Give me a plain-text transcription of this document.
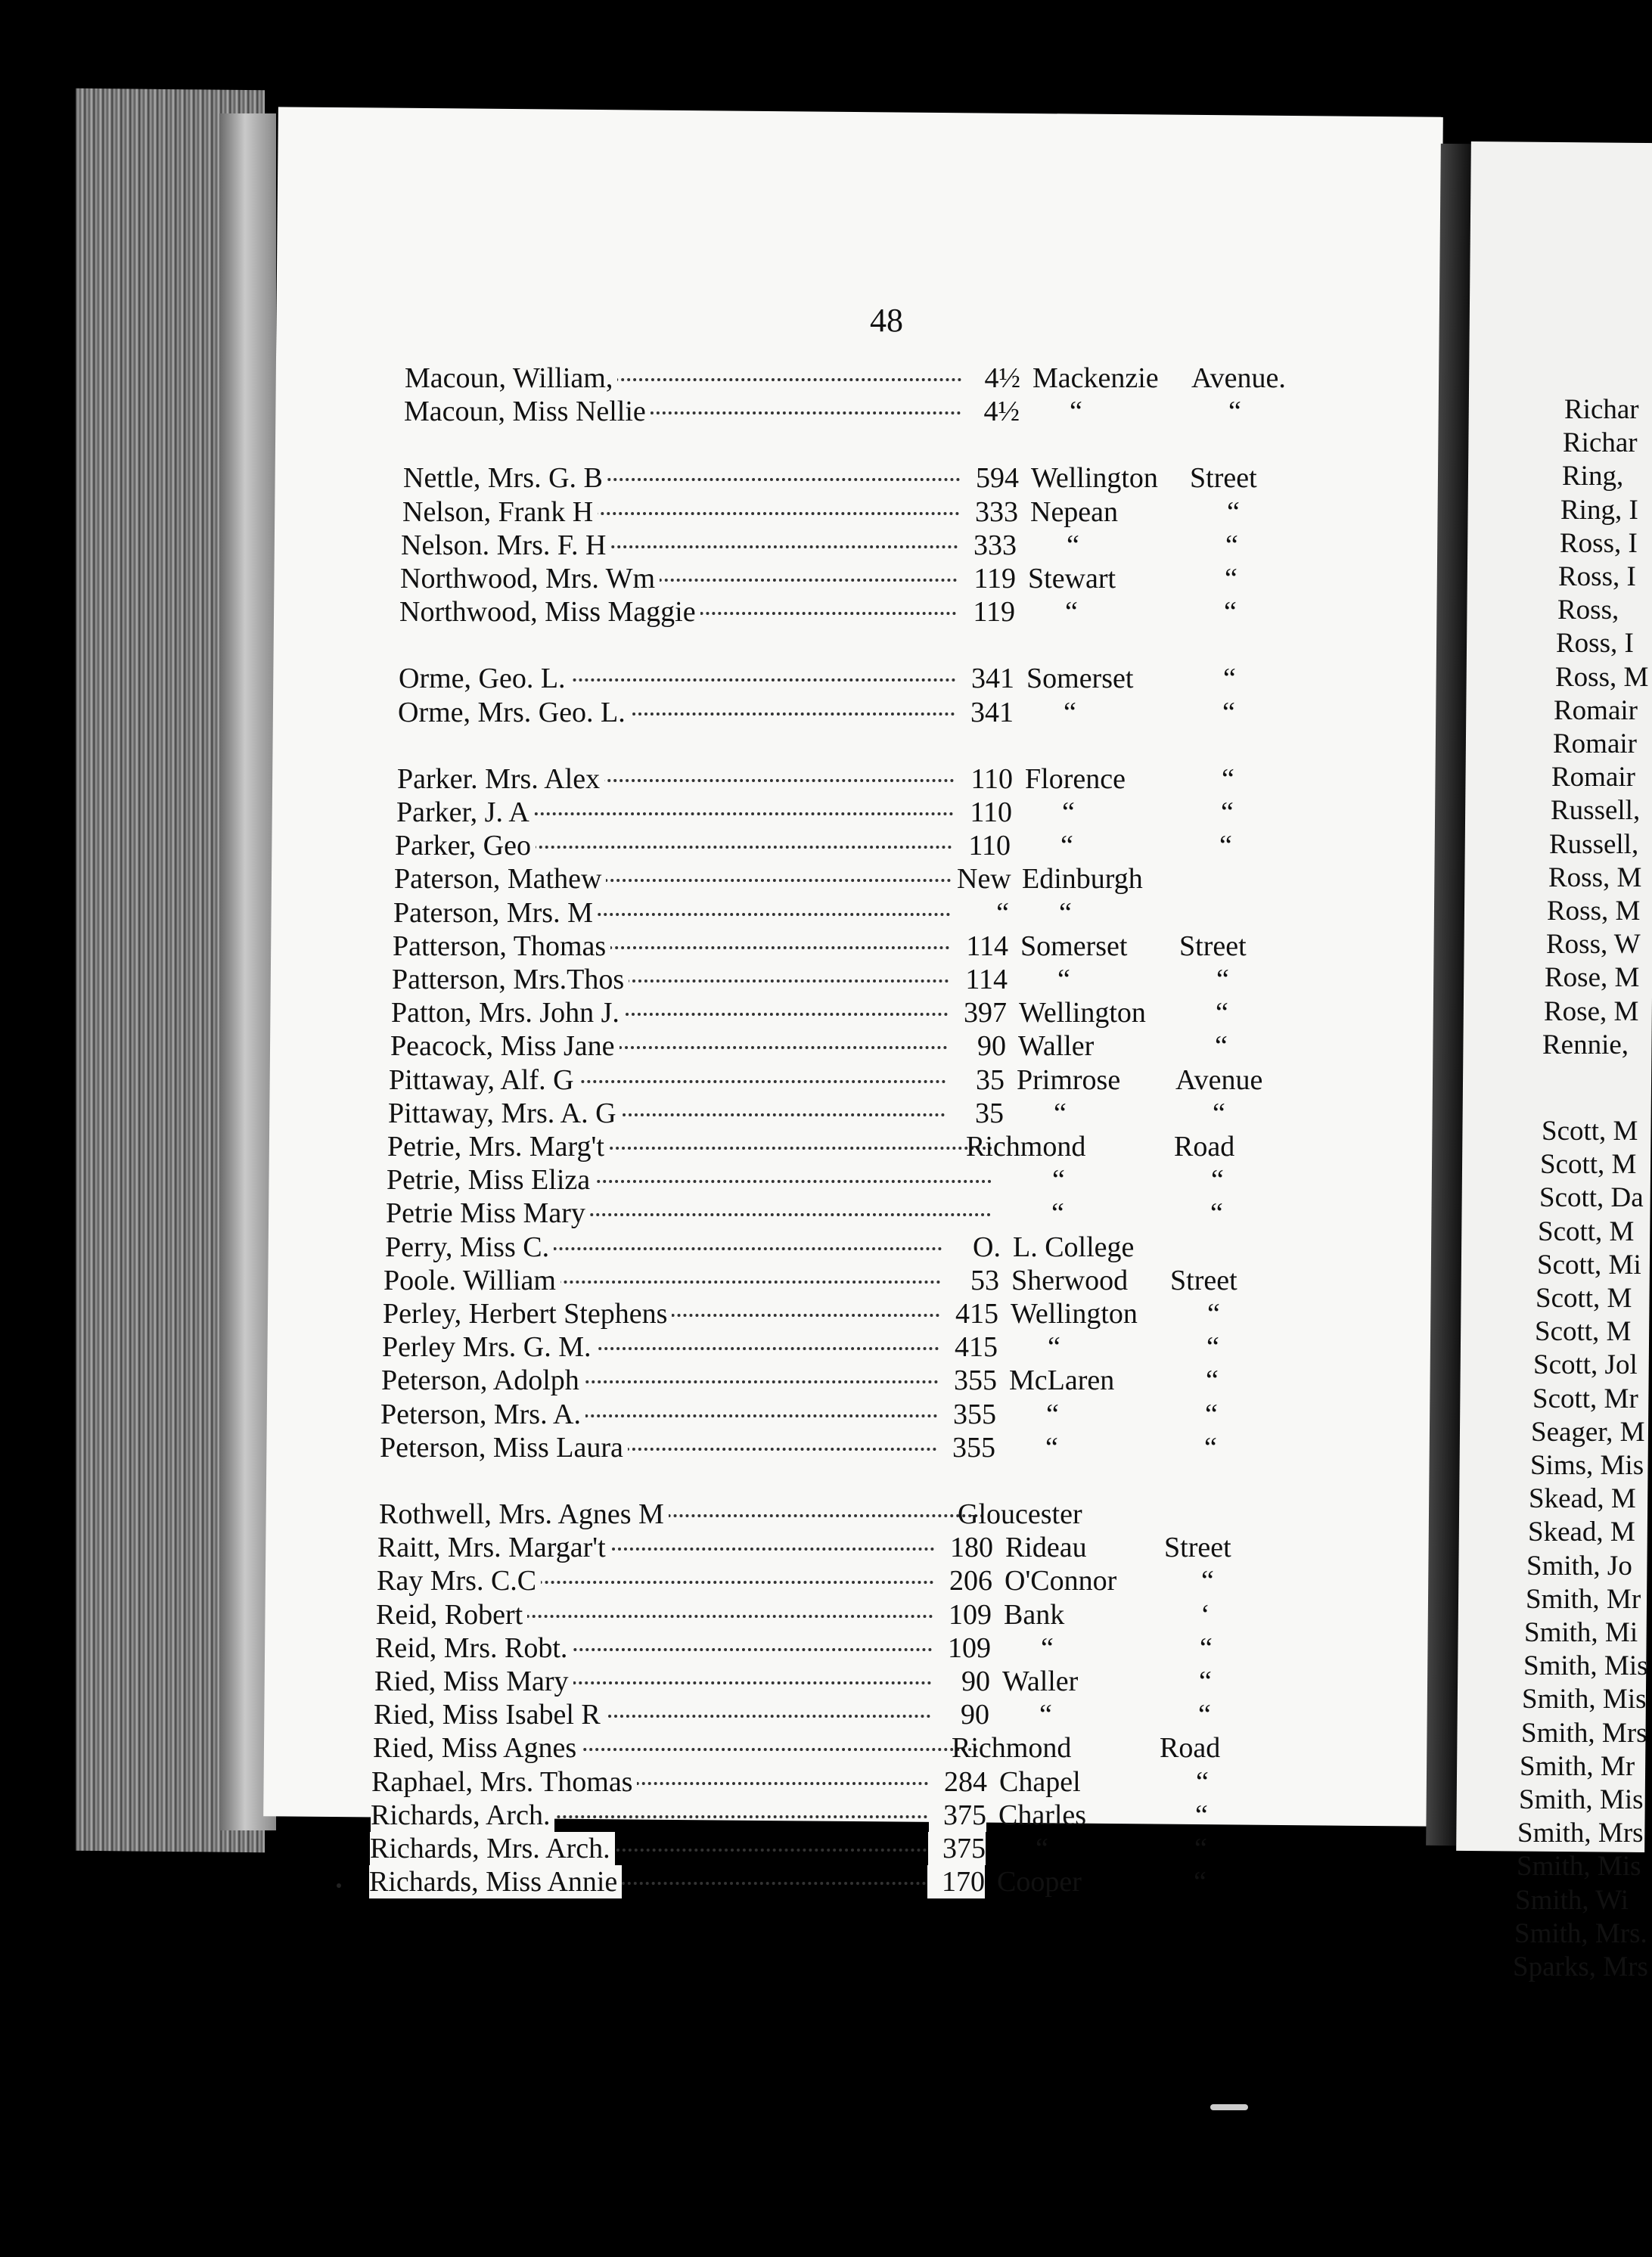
48
Macoun, William,	4½ Mackenzie Avenue.
Macoun, Miss Nellie	4½ “	“
Nettle, Mrs. G. B	594 Wellington Street
Nelson, Frank H	333 Nepean	“
Nelson. Mrs. F. H	333 “	“
Northwood, Mrs. Wm	119 Stewart	“
Northwood, Miss Maggie	119 “	“
Orme, Geo. L.	341 Somerset	“
Orme, Mrs. Geo. L.	341 “	“
Parker. Mrs. Alex	110 Florence	“
Parker, J. A	110 “	“
Parker, Geo	110 “	“
Paterson, Mathew	New Edinburgh
Paterson, Mrs. M	“ “
Patterson, Thomas	114 Somerset Street
Patterson, Mrs.Thos	114 “	“
Patton, Mrs. John J.	397 Wellington “
Peacock, Miss Jane	90 Waller	“
Pittaway, Alf. G	35 Primrose Avenue
Pittaway, Mrs. A. G	35 “	“
Petrie, Mrs. Marg't	Richmond	Road
Petrie, Miss Eliza	“	“
Petrie Miss Mary	“	“
Perry, Miss C.	O. L. College
Poole. William	53 Sherwood Street
Perley, Herbert Stephens	415 Wellington “
Perley Mrs. G. M.	415 “	“
Peterson, Adolph	355 McLaren	“
Peterson, Mrs. A.	355 “	“
Peterson, Miss Laura	355 “	“
Rothwell, Mrs. Agnes M	Gloucester
Raitt, Mrs. Margar't	180 Rideau	Street
Ray Mrs. C.C	206 O'Connor	“
Reid, Robert	109 Bank	‘
Reid, Mrs. Robt.	109 “	“
Ried, Miss Mary	90 Waller	“
Ried, Miss Isabel R	90 “	“
Ried, Miss Agnes	Richmond	Road
Raphael, Mrs. Thomas	284 Chapel	“
Richards, Arch.	375 Charles	“
Richards, Mrs. Arch.	375 “	“
Richards, Miss Annie	170 Cooper	“
Richar
Richar
Ring,
Ring, I
Ross, I
Ross, I
Ross,
Ross, I
Ross, M
Romair
Romair
Romair
Russell,
Russell,
Ross, M
Ross, M
Ross, W
Rose, M
Rose, M
Rennie,
Scott, M
Scott, M
Scott, Da
Scott, M
Scott, Mi
Scott, M
Scott, M
Scott, Jol
Scott, Mr
Seager, M
Sims, Mis
Skead, M
Skead, M
Smith, Jo
Smith, Mr
Smith, Mi
Smith, Mis
Smith, Mis
Smith, Mrs
Smith, Mr
Smith, Mis
Smith, Mrs
Smith, Mis
Smith, Wi
Smith, Mrs.
Sparks, Mrs
